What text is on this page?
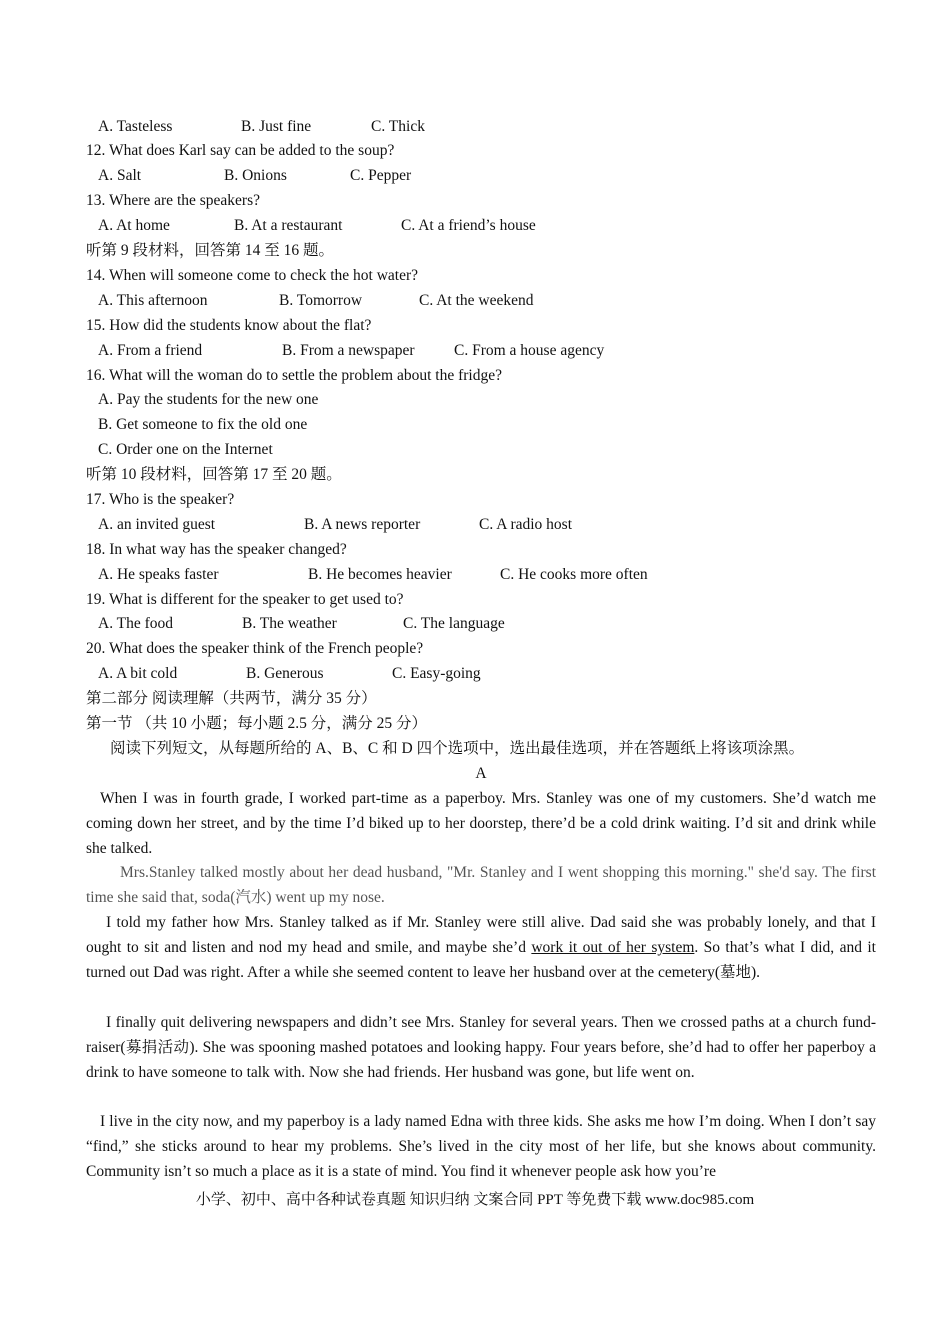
A. Tasteless	B. Just fine	C. Thick
12. What does Karl say can be added to the soup?
A. Salt	B. Onions	C. Pepper
13. Where are the speakers?
A. At home	B. At a restaurant	C. At a friend’s house
听第 9 段材料，回答第 14 至 16 题。
14. When will someone come to check the hot water?
A. This afternoon	B. Tomorrow	C. At the weekend
15. How did the students know about the flat?
A. From a friend	B. From a newspaper	C. From a house agency
16. What will the woman do to settle the problem about the fridge?
A. Pay the students for the new one
B. Get someone to fix the old one
C. Order one on the Internet
听第 10 段材料，回答第 17 至 20 题。
17. Who is the speaker?
A. an invited guest	B. A news reporter	C. A radio host
18. In what way has the speaker changed?
A. He speaks faster	B. He becomes heavier	C. He cooks more often
19. What is different for the speaker to get used to?
A. The food	B. The weather	C. The language
20. What does the speaker think of the French people?
A. A bit cold	B. Generous	C. Easy-going
第二部分 阅读理解（共两节，满分 35 分）
第一节 （共 10 小题；每小题 2.5 分，满分 25 分）
阅读下列短文，从每题所给的 A、B、C 和 D 四个选项中，选出最佳选项，并在答题纸上将该项涂黑。
A
When I was in fourth grade, I worked part-time as a paperboy. Mrs. Stanley was one of my customers. She’d watch me coming down her street, and by the time I’d biked up to her doorstep, there’d be a cold drink waiting. I’d sit and drink while she talked.
Mrs.Stanley talked mostly about her dead husband, "Mr. Stanley and I went shopping this morning." she'd say. The first time she said that, soda(汽水) went up my nose.
I told my father how Mrs. Stanley talked as if Mr. Stanley were still alive. Dad said she was probably lonely, and that I ought to sit and listen and nod my head and smile, and maybe she’d work it out of her system. So that’s what I did, and it turned out Dad was right. After a while she seemed content to leave her husband over at the cemetery(墓地).
I finally quit delivering newspapers and didn’t see Mrs. Stanley for several years. Then we crossed paths at a church fund-raiser(募捐活动). She was spooning mashed potatoes and looking happy. Four years before, she’d had to offer her paperboy a drink to have someone to talk with. Now she had friends. Her husband was gone, but life went on.
I live in the city now, and my paperboy is a lady named Edna with three kids. She asks me how I’m doing. When I don’t say “find,” she sticks around to hear my problems. She’s lived in the city most of her life, but she knows about community. Community isn’t so much a place as it is a state of mind. You find it whenever people ask how you’re
小学、初中、高中各种试卷真题 知识归纳 文案合同 PPT 等免费下载 www.doc985.com
